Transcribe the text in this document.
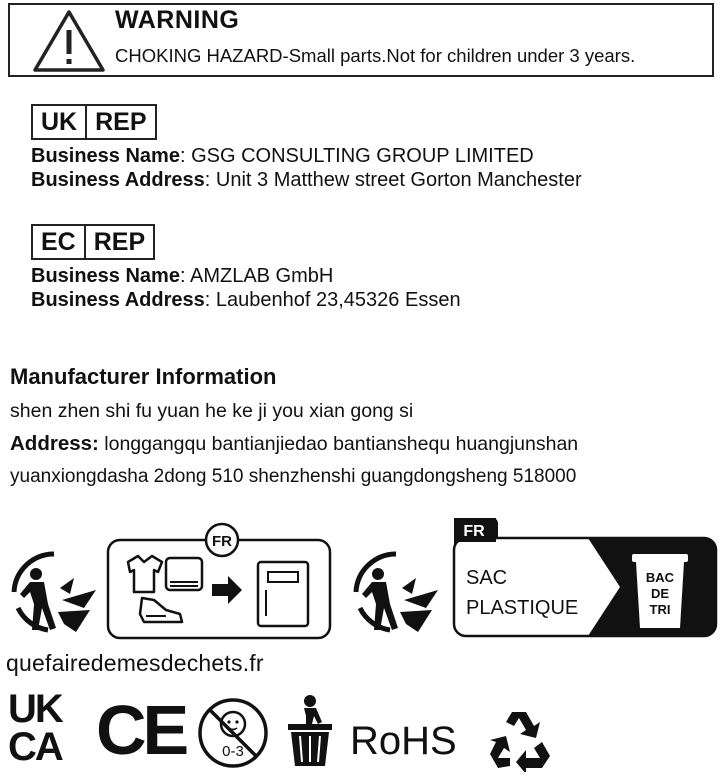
WARNING
CHOKING HAZARD-Small parts.Not for children under 3 years.
UK REP
Business Name: GSG CONSULTING GROUP LIMITED
Business Address: Unit 3 Matthew street Gorton Manchester
EC REP
Business Name: AMZLAB GmbH
Business Address: Laubenhof 23,45326 Essen
Manufacturer Information
shen zhen shi fu yuan he ke ji you xian gong si
Address: longgangqu bantianjiedao bantianshequ huangjunshan
yuanxiongdasha 2dong 510 shenzhenshi guangdongsheng 518000
FR
FR
SAC
PLASTIQUE
BAC
DE
TRI
quefairedemesdechets.fr
UK
CA CE 0-3	RoHS
